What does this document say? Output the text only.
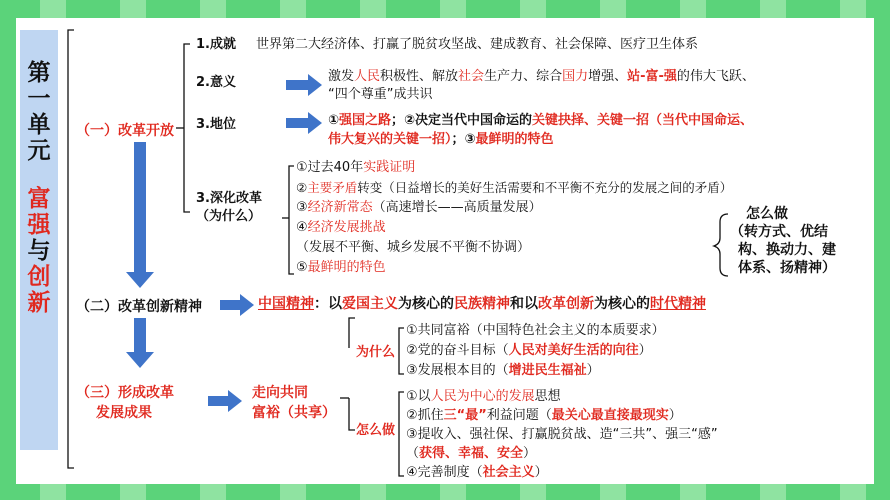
第一单元
富强与创新
（一）改革开放
1.成就 世界第二大经济体、打赢了脱贫攻坚战、建成教育、社会保障、医疗卫生体系
2.意义	激发人民积极性、解放社会生产力、综合国力增强、站-富-强的伟大飞跃、
“四个尊重”成共识
3.地位	①强国之路；②决定当代中国命运的关键抉择、关键一招（当代中国命运、
伟大复兴的关键一招）；③最鲜明的特色
3.深化改革
（为什么）
①过去40年实践证明
②主要矛盾转变（日益增长的美好生活需要和不平衡不充分的发展之间的矛盾）
③经济新常态（高速增长——高质量发展）
④经济发展挑战
（发展不平衡、城乡发展不平衡不协调）
⑤最鲜明的特色
怎么做
（转方式、优结
构、换动力、建
体系、扬精神）
（二）改革创新精神	中国精神：以爱国主义为核心的民族精神和以改革创新为核心的时代精神
（三）形成改革
发展成果
走向共同
富裕（共享）
为什么
怎么做
①共同富裕（中国特色社会主义的本质要求）
②党的奋斗目标（人民对美好生活的向往）
③发展根本目的（增进民生福祉）
①以人民为中心的发展思想
②抓住三“最”利益问题（最关心最直接最现实）
③提收入、强社保、打赢脱贫战、造“三共”、强三“感”
（获得、幸福、安全）
④完善制度（社会主义）
